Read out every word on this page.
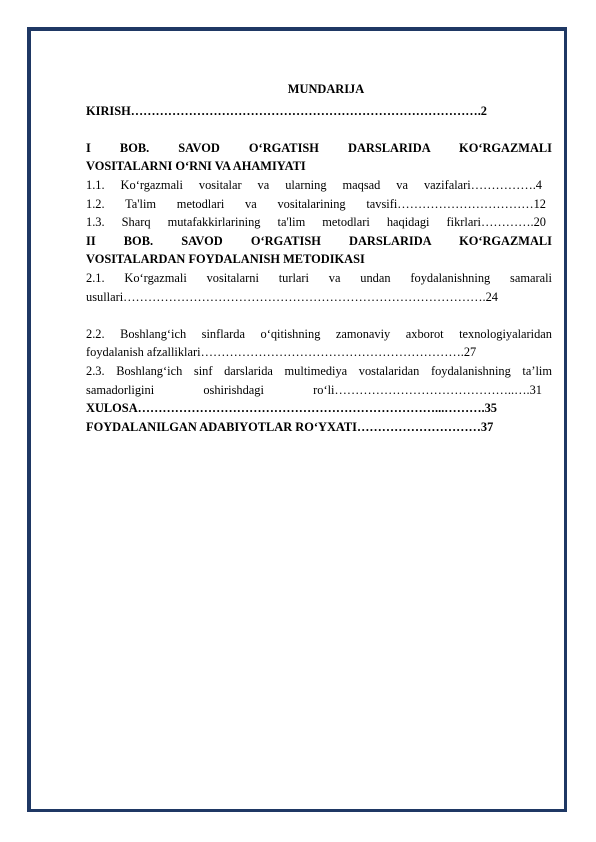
MUNDARIJA
KIRISH………………………………………………………………………….2
I BOB. SAVOD O‘RGATISH DARSLARIDA KO‘RGAZMALI
VOSITALARNI O‘RNI VA AHAMIYATI
1.1. Ko‘rgazmali vositalar va ularning maqsad va vazifalari…………….4
1.2. Ta'lim metodlari va vositalarining tavsifi……………………………12
1.3. Sharq mutafakkirlarining ta'lim metodlari haqidagi fikrlari………….20
II BOB. SAVOD O‘RGATISH DARSLARIDA KO‘RGAZMALI
VOSITALARDAN FOYDALANISH METODIKASI
2.1. Ko‘rgazmali vositalarni turlari va undan foydalanishning samarali
usullari…………………………………………………………………………….24
2.2. Boshlang‘ich sinflarda o‘qitishning zamonaviy axborot texnologiyalaridan
foydalanish afzalliklari……………………………………………………….27
2.3. Boshlang‘ich sinf darslarida multimediya vostalaridan foydalanishning ta’lim
samadorligini oshirishdagi ro‘li……………………………………..….31
XULOSA………………………………………………………………...……….35
FOYDALANILGAN ADABIYOTLAR RO‘YXATI…………………………37
